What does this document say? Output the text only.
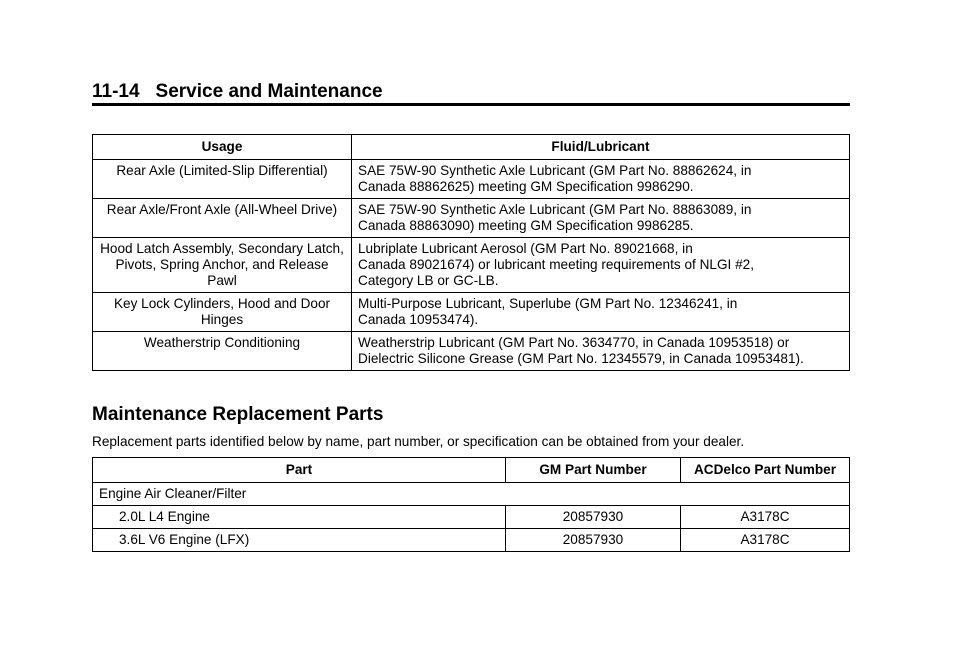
11-14 Service and Maintenance
Usage	Fluid/Lubricant
Rear Axle (Limited-Slip Differential)	SAE 75W-90 Synthetic Axle Lubricant (GM Part No. 88862624, in
Canada 88862625) meeting GM Specification 9986290.
Rear Axle/Front Axle (All-Wheel Drive)	SAE 75W-90 Synthetic Axle Lubricant (GM Part No. 88863089, in
Canada 88863090) meeting GM Specification 9986285.
Hood Latch Assembly, Secondary Latch, Pivots, Spring Anchor, and Release Pawl	Lubriplate Lubricant Aerosol (GM Part No. 89021668, in
Canada 89021674) or lubricant meeting requirements of NLGI #2,
Category LB or GC-LB.
Key Lock Cylinders, Hood and Door Hinges	Multi-Purpose Lubricant, Superlube (GM Part No. 12346241, in
Canada 10953474).
Weatherstrip Conditioning	Weatherstrip Lubricant (GM Part No. 3634770, in Canada 10953518) or
Dielectric Silicone Grease (GM Part No. 12345579, in Canada 10953481).
Maintenance Replacement Parts
Replacement parts identified below by name, part number, or specification can be obtained from your dealer.
Part	GM Part Number	ACDelco Part Number
Engine Air Cleaner/Filter		
2.0L L4 Engine	20857930	A3178C
3.6L V6 Engine (LFX)	20857930	A3178C
